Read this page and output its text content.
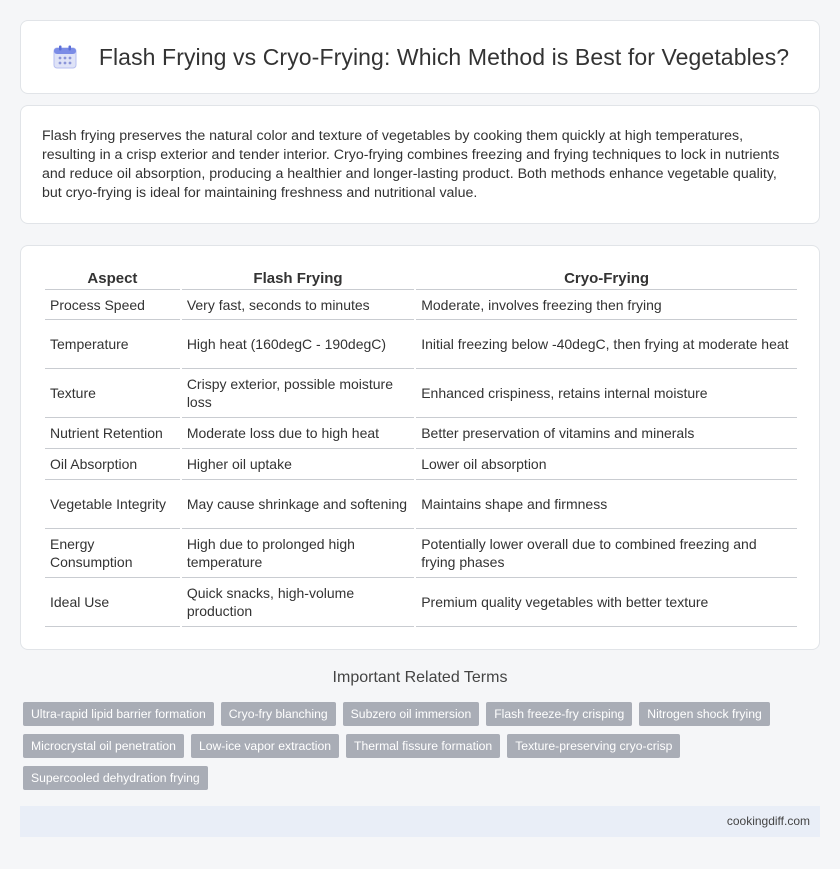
Flash Frying vs Cryo-Frying: Which Method is Best for Vegetables?

Flash frying preserves the natural color and texture of vegetables by cooking them quickly at high temperatures, resulting in a crisp exterior and tender interior. Cryo-frying combines freezing and frying techniques to lock in nutrients and reduce oil absorption, producing a healthier and longer-lasting product. Both methods enhance vegetable quality, but cryo-frying is ideal for maintaining freshness and nutritional value.

Aspect	Flash Frying	Cryo-Frying
Process Speed	Very fast, seconds to minutes	Moderate, involves freezing then frying
Temperature	High heat (160degC - 190degC)	Initial freezing below -40degC, then frying at moderate heat
Texture	Crispy exterior, possible moisture loss	Enhanced crispiness, retains internal moisture
Nutrient Retention	Moderate loss due to high heat	Better preservation of vitamins and minerals
Oil Absorption	Higher oil uptake	Lower oil absorption
Vegetable Integrity	May cause shrinkage and softening	Maintains shape and firmness
Energy Consumption	High due to prolonged high temperature	Potentially lower overall due to combined freezing and frying phases
Ideal Use	Quick snacks, high-volume production	Premium quality vegetables with better texture
Important Related Terms
Ultra-rapid lipid barrier formation	Cryo-fry blanching	Subzero oil immersion	Flash freeze-fry crisping	Nitrogen shock frying
Microcrystal oil penetration	Low-ice vapor extraction	Thermal fissure formation	Texture-preserving cryo-crisp
Supercooled dehydration frying
cookingdiff.com
